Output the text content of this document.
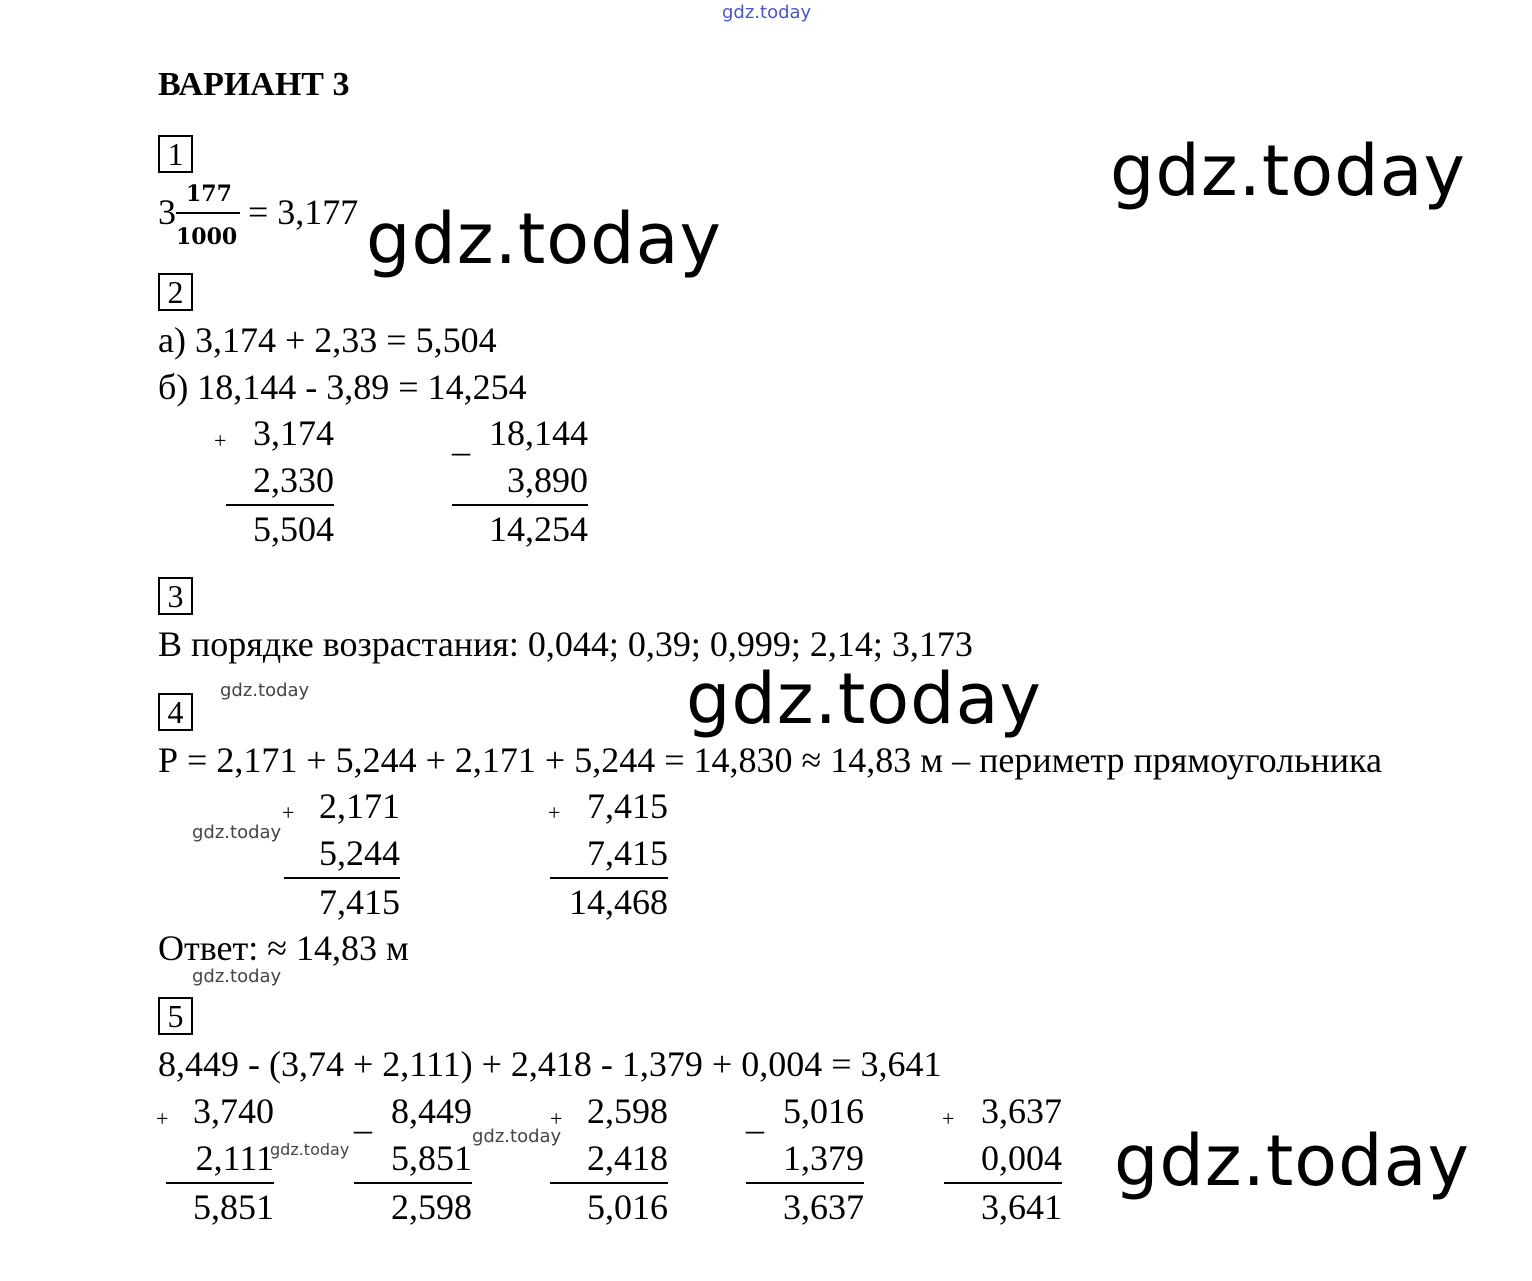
gdz.today
gdz.today
gdz.today
gdz.today
gdz.today
gdz.today
gdz.today
gdz.today
gdz.today
gdz.today
ВАРИАНТ 3
1
3 177
1000
= 3,177
2
а) 3,174 + 2,33 = 5,504
б) 18,144 - 3,89 = 14,254
+ 3,174
2,330
5,504
_ 18,144
3,890
14,254
3
В порядке возрастания: 0,044; 0,39; 0,999; 2,14; 3,173
4
Р = 2,171 + 5,244 + 2,171 + 5,244 = 14,830 ≈ 14,83 м – периметр прямоугольника
+ 2,171
5,244
7,415
+ 7,415
7,415
14,468
Ответ: ≈ 14,83 м
5
8,449 - (3,74 + 2,111) + 2,418 - 1,379 + 0,004 = 3,641
+ 3,740
2,111
5,851
_ 8,449
5,851
2,598
+ 2,598
2,418
5,016
_ 5,016
1,379
3,637
+ 3,637
0,004
3,641
